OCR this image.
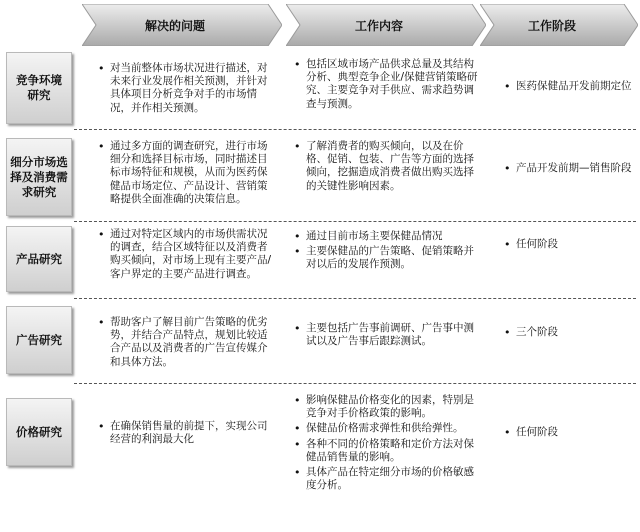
解决的问题	工作内容	工作阶段
竞争环境
研究
细分市场选
择及消费需
求研究
产品研究
广告研究
价格研究
• 对当前整体市场状况进行描述，对未来行业发展作相关预测，并针对具体项目分析竞争对手的市场情况，并作相关预测。
• 包括区域市场产品供求总量及其结构分析、典型竞争企业/保健营销策略研究、主要竞争对手供应、需求趋势调查与预测。
• 医药保健品开发前期定位
• 通过多方面的调查研究，进行市场细分和选择目标市场，同时描述目标市场特征和规模，从而为医药保健品市场定位、产品设计、营销策略提供全面准确的决策信息。
• 了解消费者的购买倾向，以及在价格、促销、包装、广告等方面的选择倾向，挖掘造成消费者做出购买选择的关键性影响因素。
• 产品开发前期—销售阶段
• 通过对特定区域内的市场供需状况的调查，结合区域特征以及消费者购买倾向，对市场上现有主要产品/客户界定的主要产品进行调查。
• 通过目前市场主要保健品情况
• 主要保健品的广告策略、促销策略并对以后的发展作预测。
• 任何阶段
• 帮助客户了解目前广告策略的优劣势，并结合产品特点，规划比较适合产品以及消费者的广告宣传媒介和具体方法。
• 主要包括广告事前调研、广告事中测试以及广告事后跟踪测试。
• 三个阶段
• 在确保销售量的前提下，实现公司经营的利润最大化
• 影响保健品价格变化的因素，特别是竞争对手价格政策的影响。
• 保健品价格需求弹性和供给弹性。
• 各种不同的价格策略和定价方法对保健品销售量的影响。
• 具体产品在特定细分市场的价格敏感度分析。
• 任何阶段
